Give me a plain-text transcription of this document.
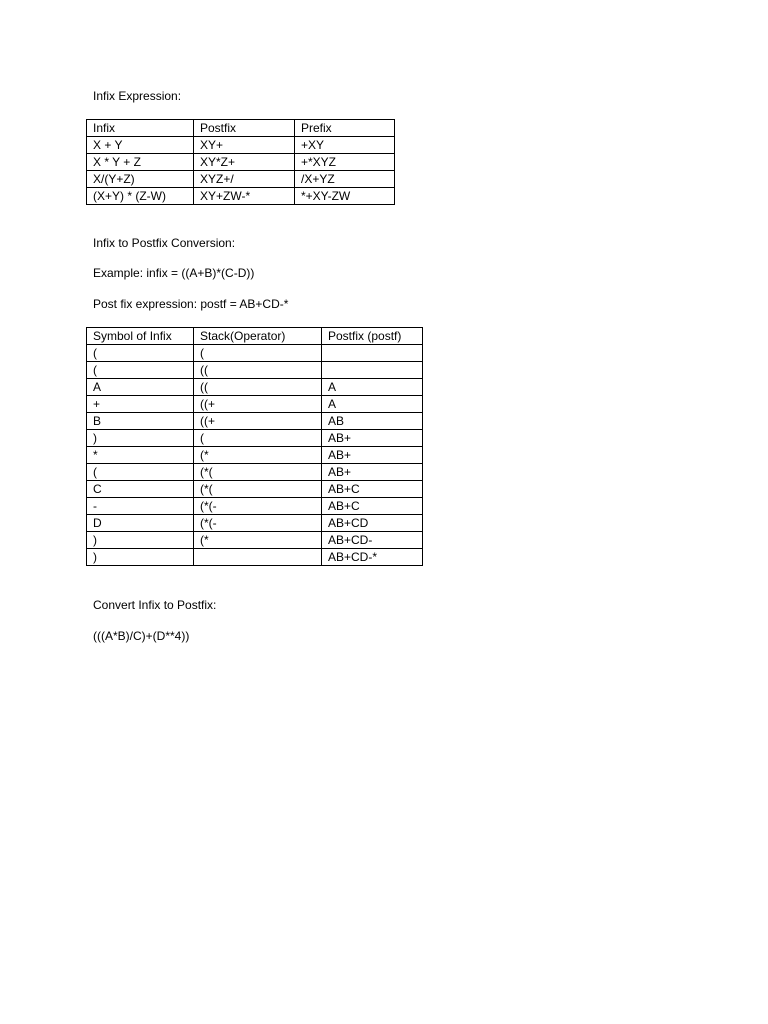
Infix Expression:
Infix	Postfix	Prefix
X + Y	XY+	+XY
X * Y + Z	XY*Z+	+*XYZ
X/(Y+Z)	XYZ+/	/X+YZ
(X+Y) * (Z-W)	XY+ZW-*	*+XY-ZW
Infix to Postfix Conversion:
Example: infix = ((A+B)*(C-D))
Post fix expression: postf = AB+CD-*
Symbol of Infix	Stack(Operator)	Postfix (postf)
(	(	
(	((	
A	((	A
+	((+	A
B	((+	AB
)	(	AB+
*	(*	AB+
(	(*(	AB+
C	(*(	AB+C
-	(*(-	AB+C
D	(*(-	AB+CD
)	(*	AB+CD-
)		AB+CD-*
Convert Infix to Postfix:
(((A*B)/C)+(D**4))
